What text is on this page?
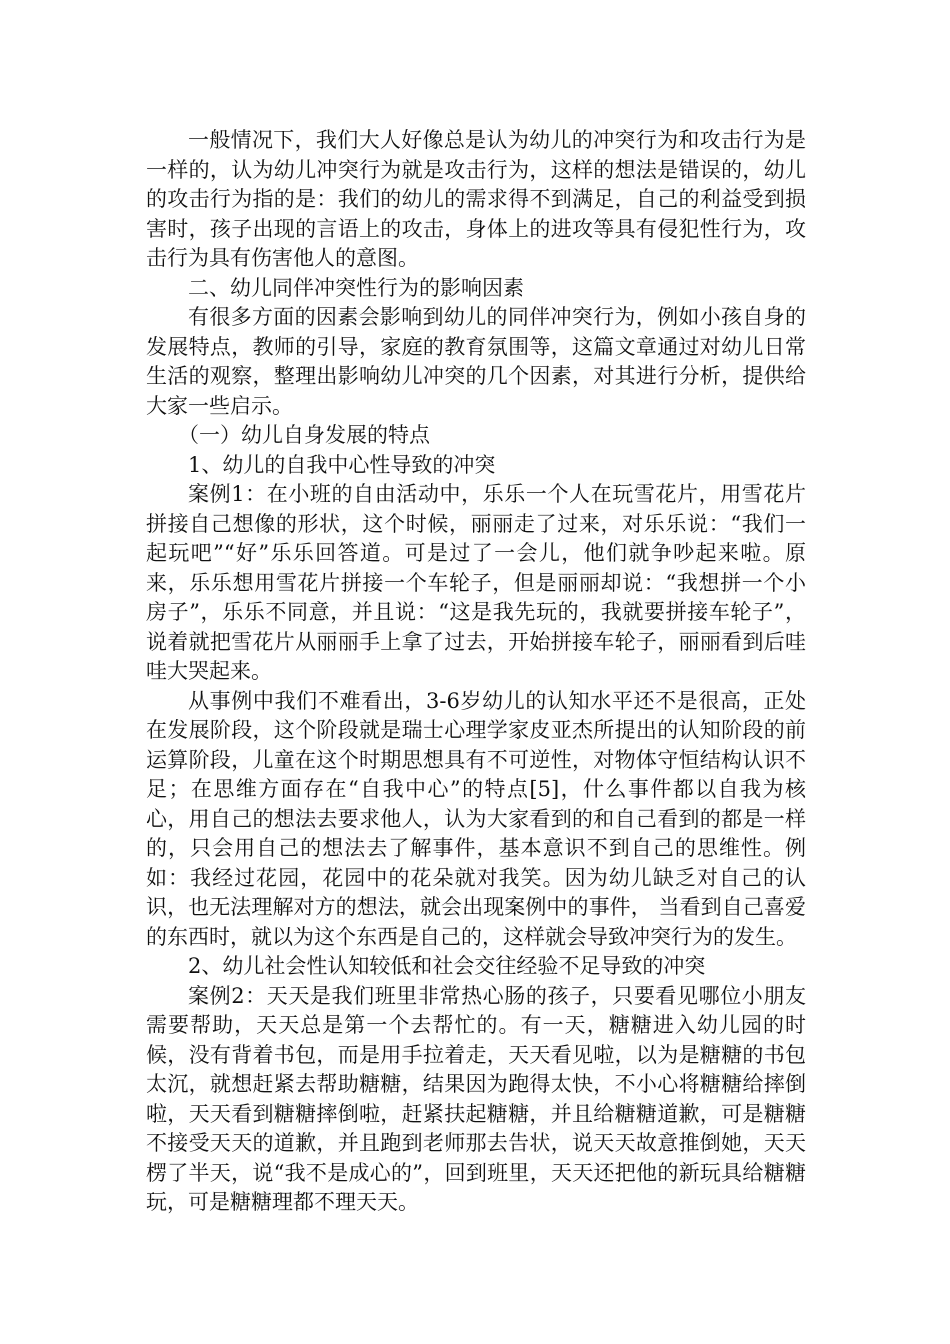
一般情况下，我们大人好像总是认为幼儿的冲突行为和攻击行为是一样的，认为幼儿冲突行为就是攻击行为，这样的想法是错误的，幼儿的攻击行为指的是：我们的幼儿的需求得不到满足，自己的利益受到损害时，孩子出现的言语上的攻击，身体上的进攻等具有侵犯性行为，攻击行为具有伤害他人的意图。

二、幼儿同伴冲突性行为的影响因素

有很多方面的因素会影响到幼儿的同伴冲突行为，例如小孩自身的发展特点，教师的引导，家庭的教育氛围等，这篇文章通过对幼儿日常生活的观察，整理出影响幼儿冲突的几个因素，对其进行分析，提供给大家一些启示。

（一）幼儿自身发展的特点

1、幼儿的自我中心性导致的冲突

案例1：在小班的自由活动中，乐乐一个人在玩雪花片，用雪花片拼接自己想像的形状，这个时候，丽丽走了过来，对乐乐说：“我们一起玩吧”“好”乐乐回答道。可是过了一会儿，他们就争吵起来啦。原来，乐乐想用雪花片拼接一个车轮子，但是丽丽却说：“我想拼一个小房子”，乐乐不同意，并且说：“这是我先玩的，我就要拼接车轮子”，说着就把雪花片从丽丽手上拿了过去，开始拼接车轮子，丽丽看到后哇哇大哭起来。

从事例中我们不难看出，3-6岁幼儿的认知水平还不是很高，正处在发展阶段，这个阶段就是瑞士心理学家皮亚杰所提出的认知阶段的前运算阶段，儿童在这个时期思想具有不可逆性，对物体守恒结构认识不足；在思维方面存在“自我中心”的特点[5]，什么事件都以自我为核心，用自己的想法去要求他人，认为大家看到的和自己看到的都是一样的，只会用自己的想法去了解事件，基本意识不到自己的思维性。例如：我经过花园，花园中的花朵就对我笑。因为幼儿缺乏对自己的认识，也无法理解对方的想法，就会出现案例中的事件， 当看到自己喜爱的东西时，就以为这个东西是自己的，这样就会导致冲突行为的发生。

2、幼儿社会性认知较低和社会交往经验不足导致的冲突

案例2：天天是我们班里非常热心肠的孩子，只要看见哪位小朋友需要帮助，天天总是第一个去帮忙的。有一天，糖糖进入幼儿园的时候，没有背着书包，而是用手拉着走，天天看见啦，以为是糖糖的书包太沉，就想赶紧去帮助糖糖，结果因为跑得太快，不小心将糖糖给摔倒啦，天天看到糖糖摔倒啦，赶紧扶起糖糖，并且给糖糖道歉，可是糖糖不接受天天的道歉，并且跑到老师那去告状，说天天故意推倒她，天天楞了半天，说“我不是成心的”，回到班里，天天还把他的新玩具给糖糖玩，可是糖糖理都不理天天。
